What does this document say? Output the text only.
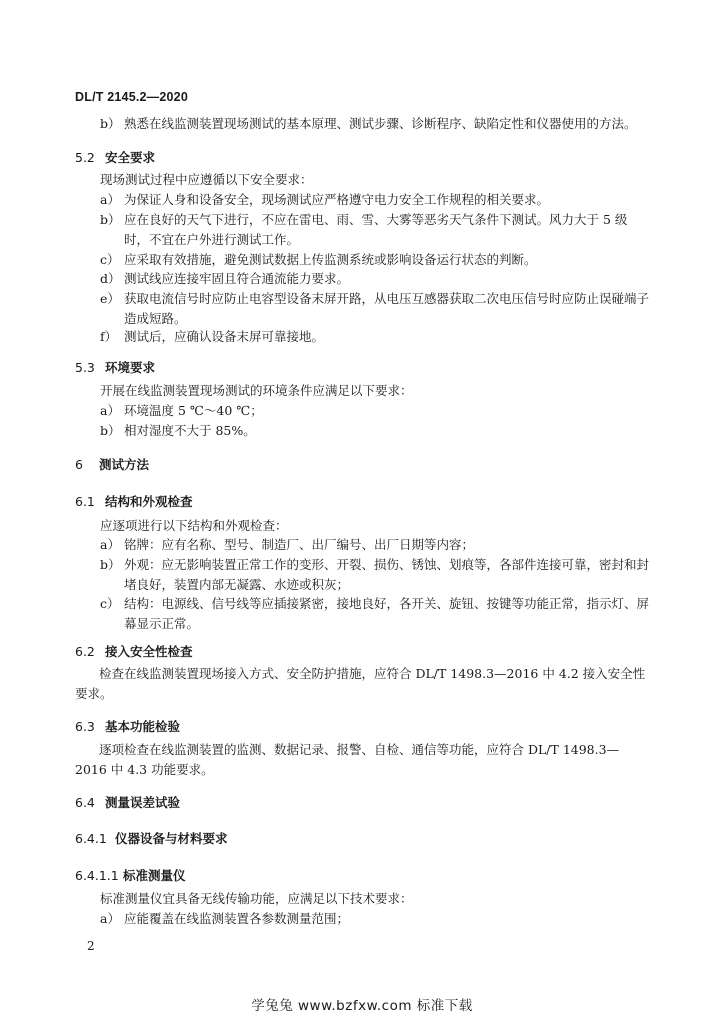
DL/T 2145.2—2020
b） 熟悉在线监测装置现场测试的基本原理、测试步骤、诊断程序、缺陷定性和仪器使用的方法。
5.2 安全要求
现场测试过程中应遵循以下安全要求：
a） 为保证人身和设备安全，现场测试应严格遵守电力安全工作规程的相关要求。
b） 应在良好的天气下进行，不应在雷电、雨、雪、大雾等恶劣天气条件下测试。风力大于 5 级时，不宜在户外进行测试工作。
c） 应采取有效措施，避免测试数据上传监测系统或影响设备运行状态的判断。
d） 测试线应连接牢固且符合通流能力要求。
e） 获取电流信号时应防止电容型设备末屏开路，从电压互感器获取二次电压信号时应防止误碰端子造成短路。
f） 测试后，应确认设备末屏可靠接地。
5.3 环境要求
开展在线监测装置现场测试的环境条件应满足以下要求：
a） 环境温度 5 ℃～40 ℃；
b） 相对湿度不大于 85%。
6 测试方法
6.1 结构和外观检查
应逐项进行以下结构和外观检查：
a） 铭牌：应有名称、型号、制造厂、出厂编号、出厂日期等内容；
b） 外观：应无影响装置正常工作的变形、开裂、损伤、锈蚀、划痕等，各部件连接可靠，密封和封堵良好，装置内部无凝露、水迹或积灰；
c） 结构：电源线、信号线等应插接紧密，接地良好，各开关、旋钮、按键等功能正常，指示灯、屏幕显示正常。
6.2 接入安全性检查
检查在线监测装置现场接入方式、安全防护措施，应符合 DL/T 1498.3—2016 中 4.2 接入安全性要求。
6.3 基本功能检验
逐项检查在线监测装置的监测、数据记录、报警、自检、通信等功能，应符合 DL/T 1498.3—2016 中 4.3 功能要求。
6.4 测量误差试验
6.4.1 仪器设备与材料要求
6.4.1.1 标准测量仪
标准测量仪宜具备无线传输功能，应满足以下技术要求：
a） 应能覆盖在线监测装置各参数测量范围；
2
学兔兔 www.bzfxw.com 标准下载
